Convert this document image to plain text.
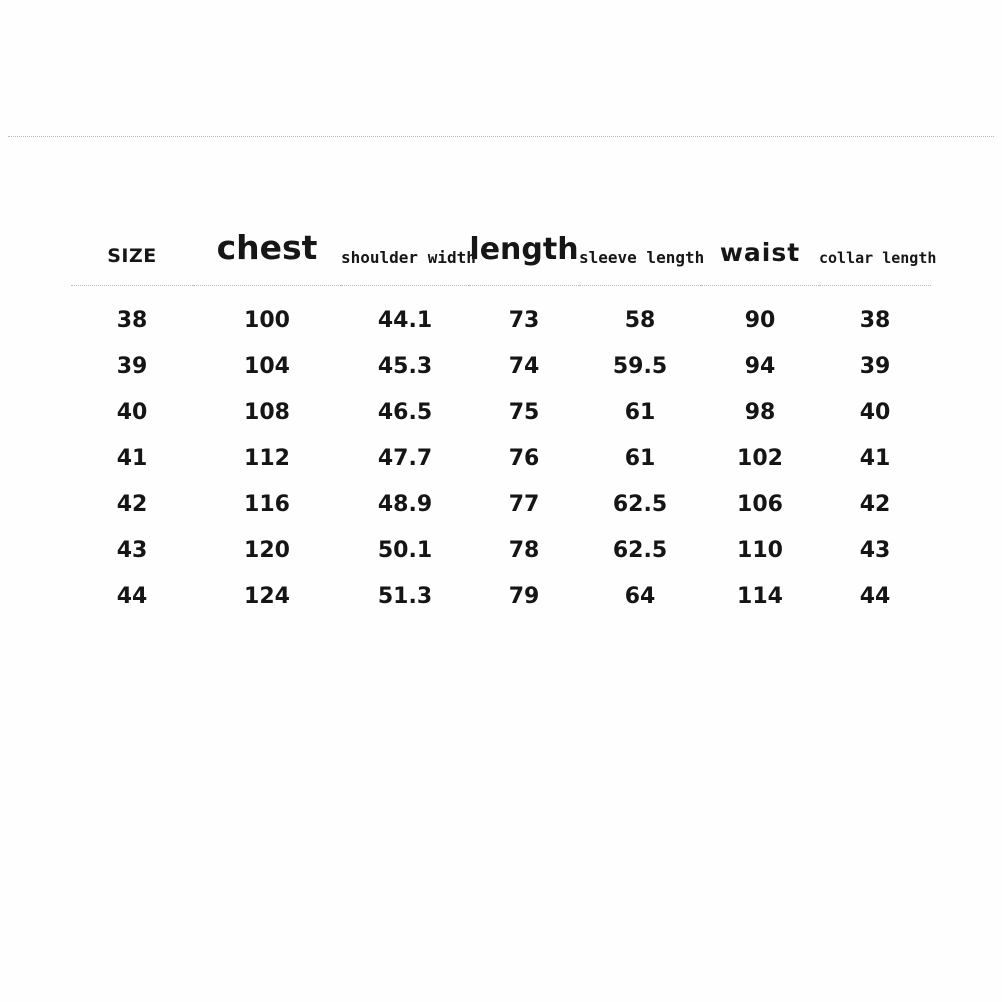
SIZE	chest	shoulder width	length	sleeve length	waist	collar length
38	100	44.1	73	58	90	38
39	104	45.3	74	59.5	94	39
40	108	46.5	75	61	98	40
41	112	47.7	76	61	102	41
42	116	48.9	77	62.5	106	42
43	120	50.1	78	62.5	110	43
44	124	51.3	79	64	114	44
